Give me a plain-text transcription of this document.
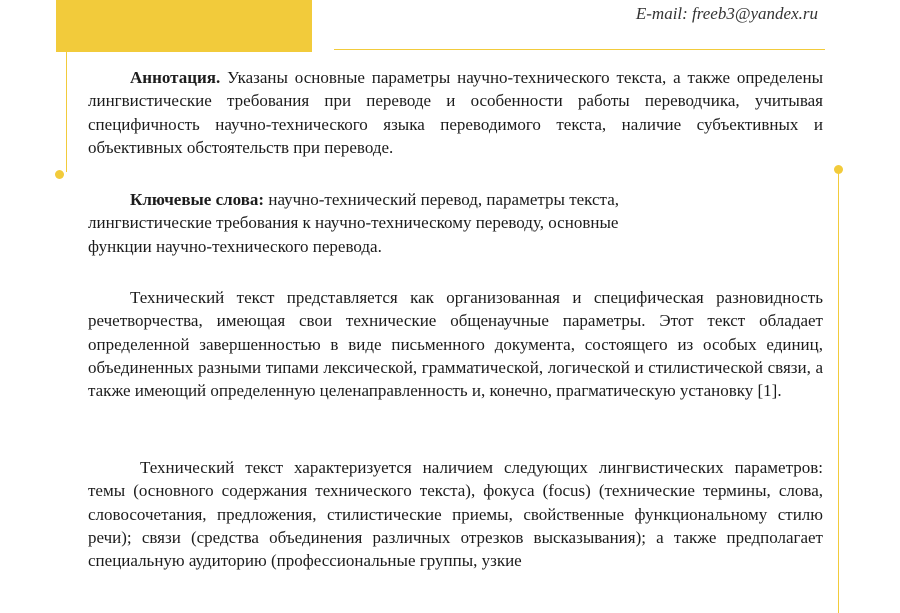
E-mail: freeb3@yandex.ru

Аннотация. Указаны основные параметры научно-технического текста, а также определены лингвистические требования при переводе и особенности работы переводчика, учитывая специфичность научно-технического языка переводимого текста, наличие субъективных и объективных обстоятельств при переводе.

Ключевые слова: научно-технический перевод, параметры текста,
лингвистические требования к научно-техническому переводу, основные
функции научно-технического перевода.

Технический текст представляется как организованная и специфическая разновидность речетворчества, имеющая свои технические общенаучные параметры. Этот текст обладает определенной завершенностью в виде письменного документа, состоящего из особых единиц, объединенных разными типами лексической, грамматической, логической и стилистической связи, а также имеющий определенную целенаправленность и, конечно, прагматическую установку [1].

Технический текст характеризуется наличием следующих лингвистических параметров: темы (основного содержания технического текста), фокуса (focus) (технические термины, слова, словосочетания, предложения, стилистические приемы, свойственные функциональному стилю речи); связи (средства объединения различных отрезков высказывания); а также предполагает специальную аудиторию (профессиональные группы, узкие
